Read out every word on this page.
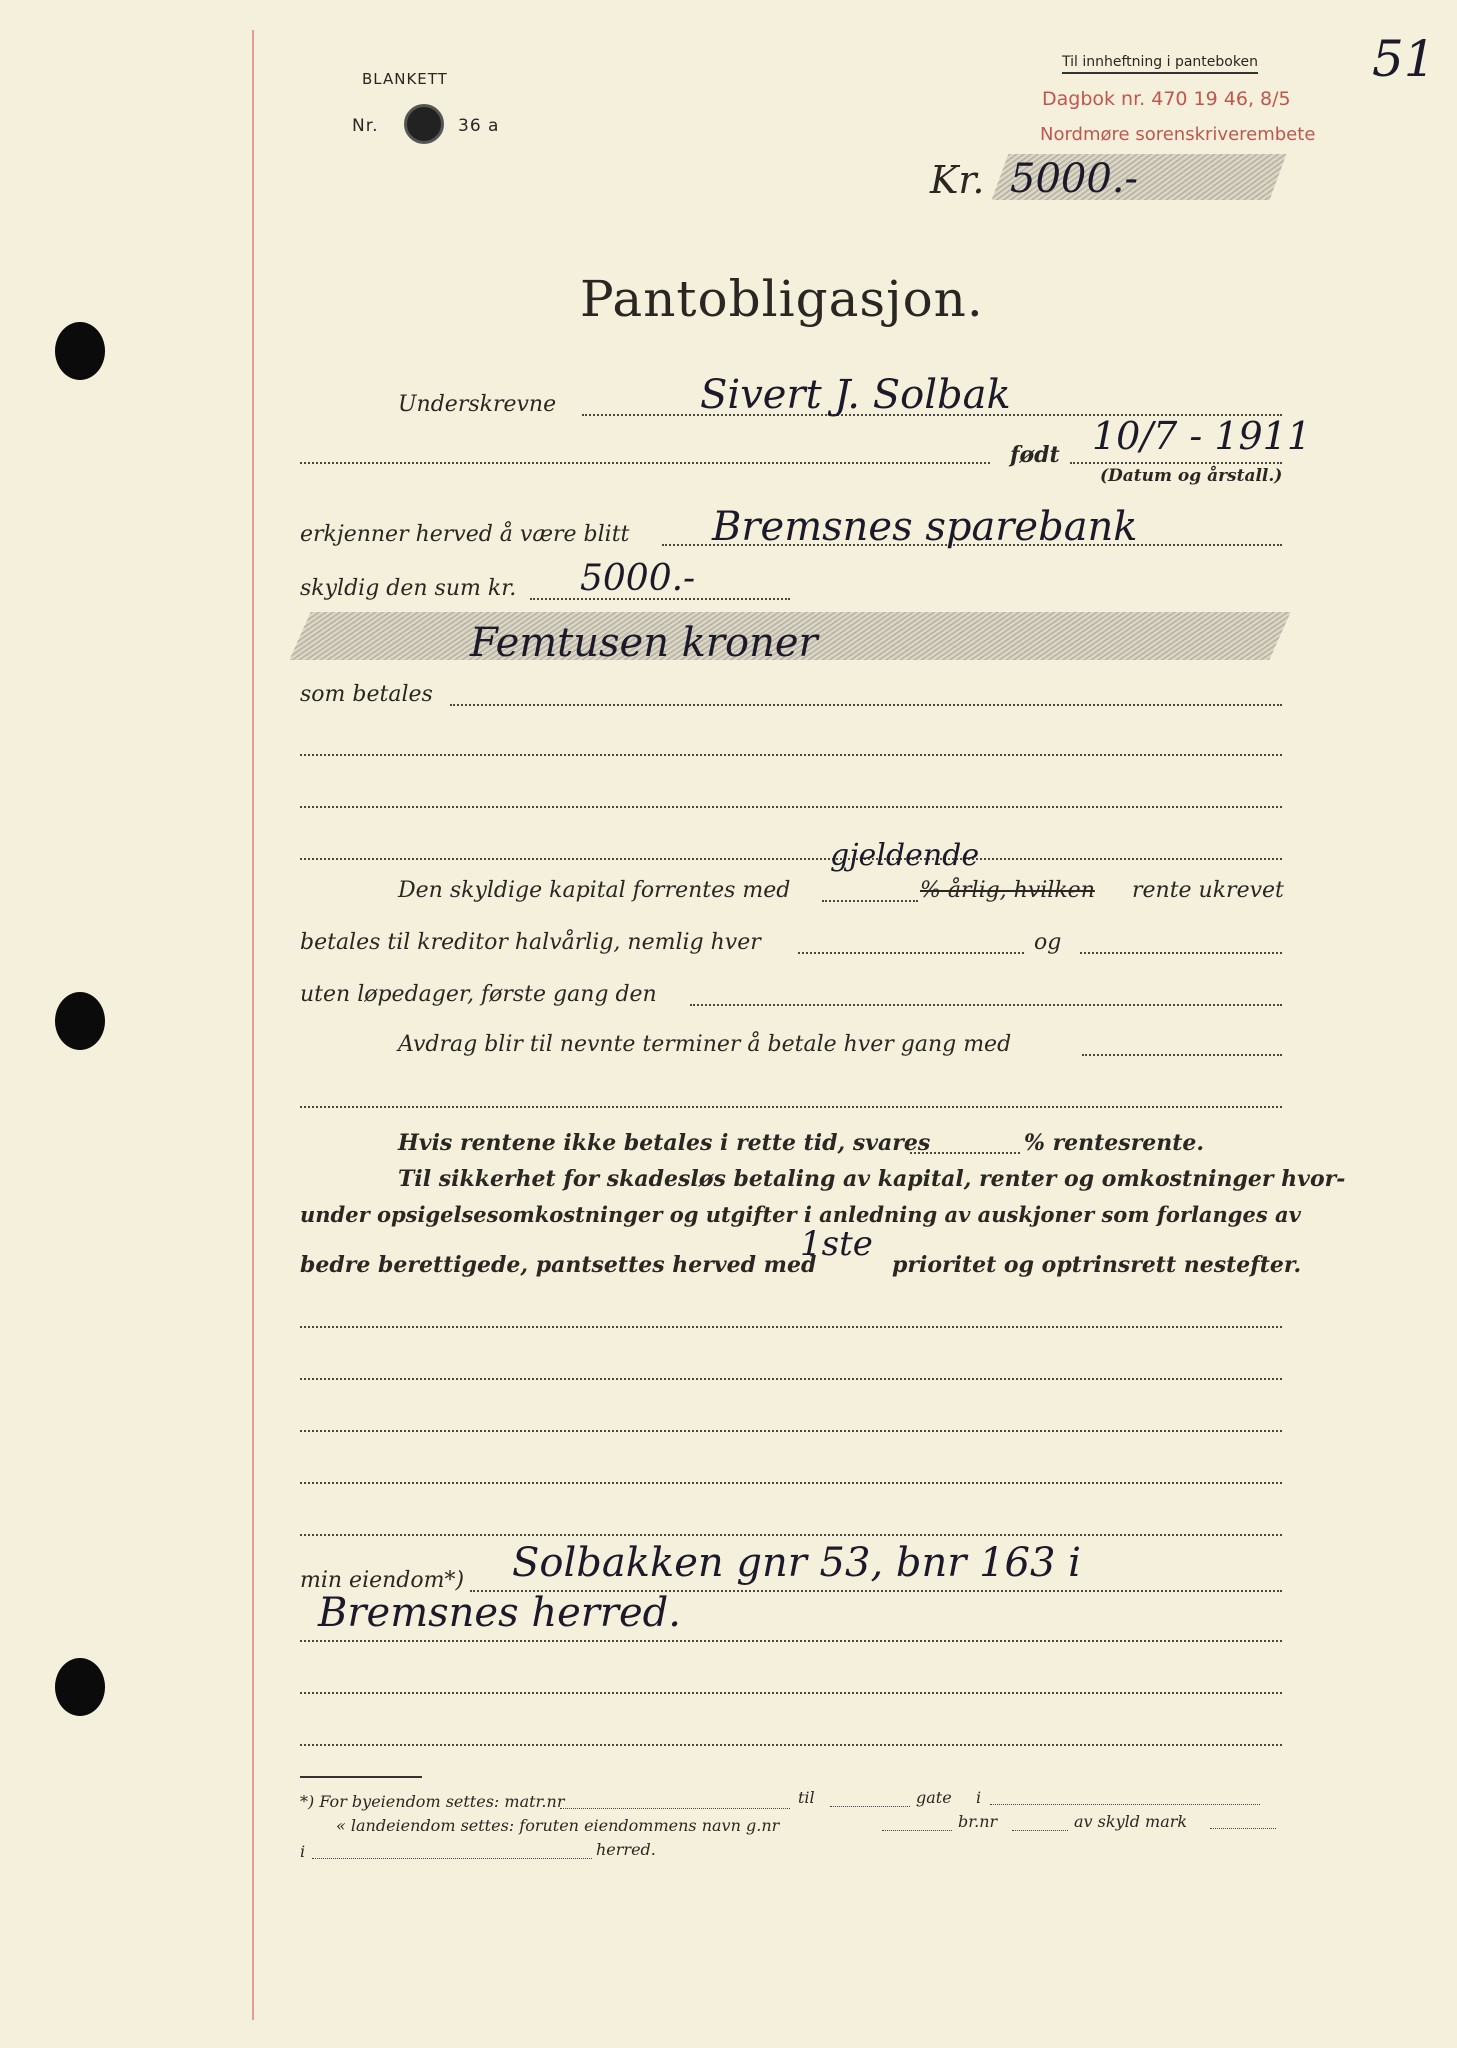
BLANKETT
Nr.	36 a
Til innheftning i panteboken
Dagbok nr. 470 19 46, 8/5
Nordmøre sorenskriverembete
51
Kr. 5000.-
Pantobligasjon.
Underskrevne	Sivert J. Solbak
født 10/7 - 1911
(Datum og årstall.)
erkjenner herved å være blitt Bremsnes sparebank
skyldig den sum kr. 5000.-
Femtusen kroner
som betales
Den skyldige kapital forrentes med
gjeldende
% årlig, hvilken rente ukrevet
betales til kreditor halvårlig, nemlig hver	og
uten løpedager, første gang den
Avdrag blir til nevnte terminer å betale hver gang med
Hvis rentene ikke betales i rette tid, svares	% rentesrente.
Til sikkerhet for skadesløs betaling av kapital, renter og omkostninger hvor-
under opsigelsesomkostninger og utgifter i anledning av auskjoner som forlanges av
bedre berettigede, pantsettes herved med
1ste
prioritet og optrinsrett nestefter.
min eiendom*) Solbakken gnr 53, bnr 163 i
Bremsnes herred.
*) For byeiendom settes: matr.nr	til	gate i
« landeiendom settes: foruten eiendommens navn g.nr	br.nr	av skyld mark
i	herred.
